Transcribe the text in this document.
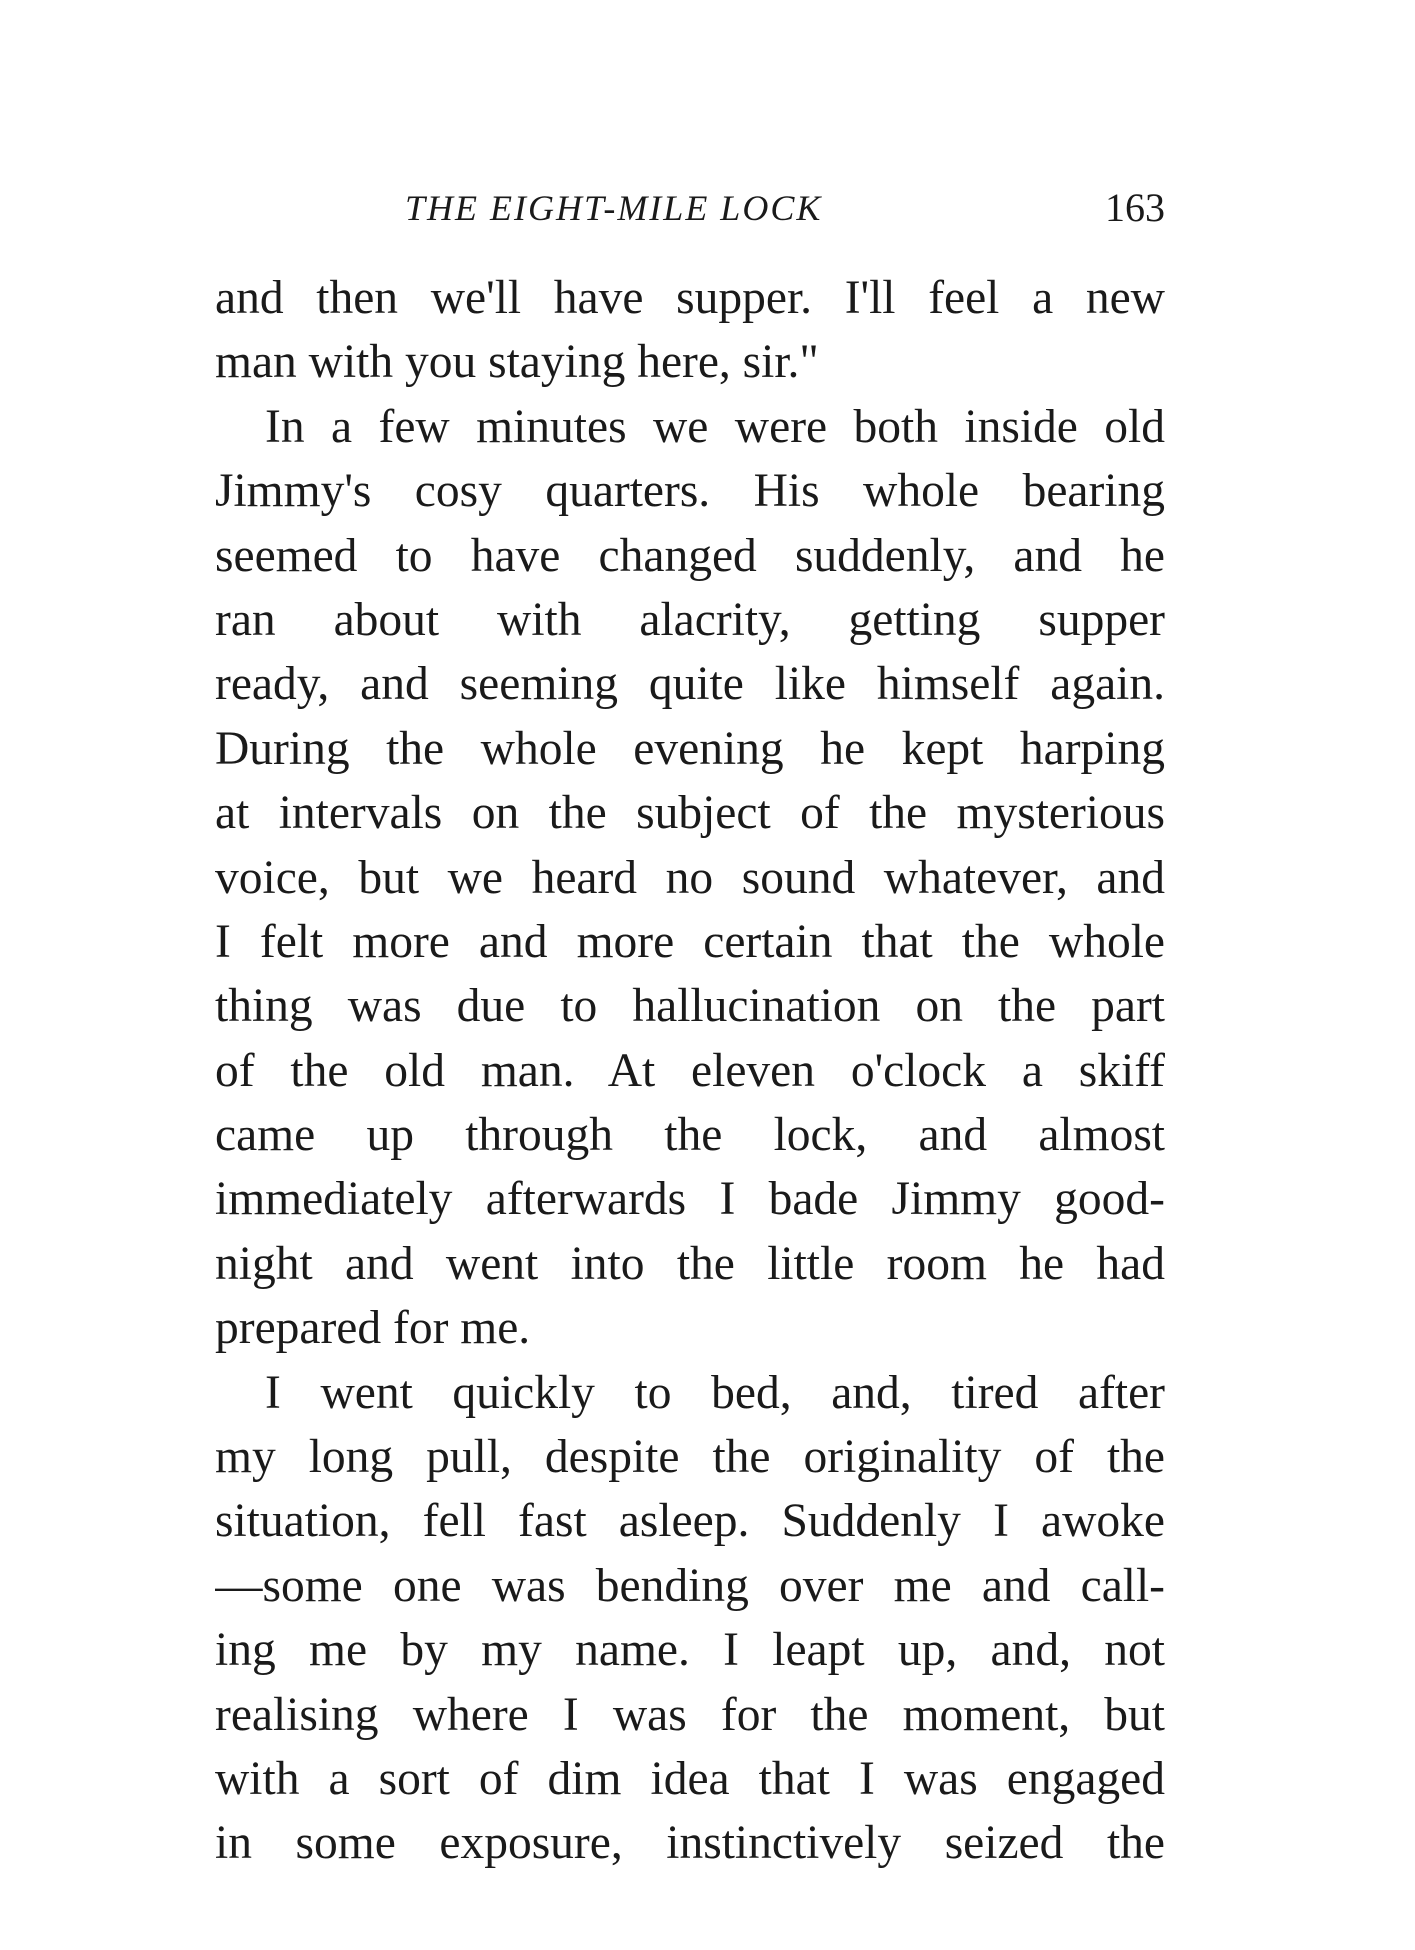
THE EIGHT-MILE LOCK	163
and then we'll have supper. I'll feel a new
man with you staying here, sir."
In a few minutes we were both inside old
Jimmy's cosy quarters. His whole bearing
seemed to have changed suddenly, and he
ran about with alacrity, getting supper
ready, and seeming quite like himself again.
During the whole evening he kept harping
at intervals on the subject of the mysterious
voice, but we heard no sound whatever, and
I felt more and more certain that the whole
thing was due to hallucination on the part
of the old man. At eleven o'clock a skiff
came up through the lock, and almost
immediately afterwards I bade Jimmy good-
night and went into the little room he had
prepared for me.
I went quickly to bed, and, tired after
my long pull, despite the originality of the
situation, fell fast asleep. Suddenly I awoke
—some one was bending over me and call-
ing me by my name. I leapt up, and, not
realising where I was for the moment, but
with a sort of dim idea that I was engaged
in some exposure, instinctively seized the
